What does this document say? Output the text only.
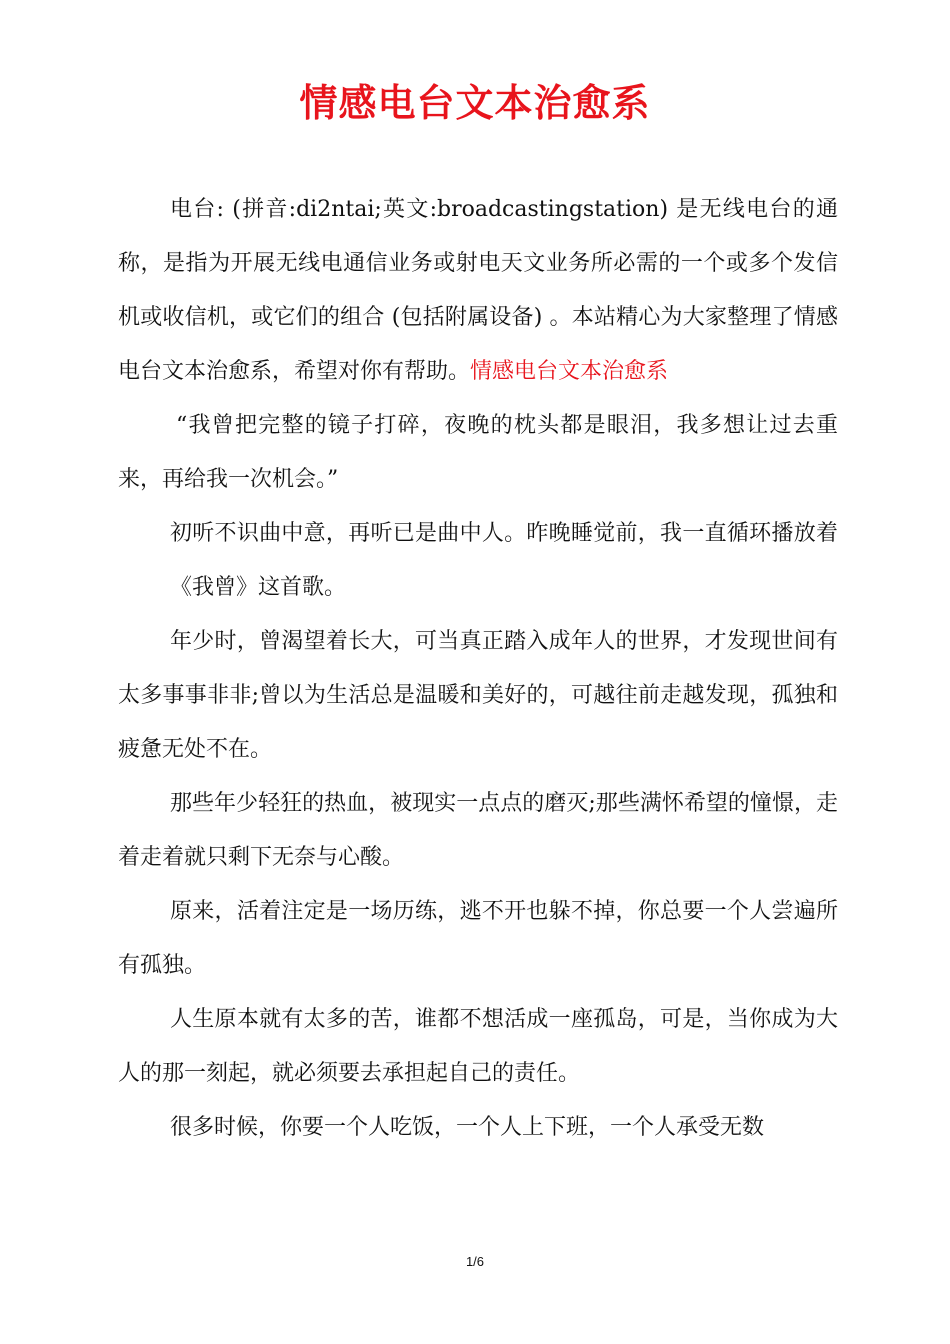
情感电台文本治愈系

电台: (拼音:di2ntai;英文:broadcastingstation) 是无线电台的通称，是指为开展无线电通信业务或射电天文业务所必需的一个或多个发信机或收信机，或它们的组合 (包括附属设备) 。本站精心为大家整理了情感电台文本治愈系，希望对你有帮助。情感电台文本治愈系

“我曾把完整的镜子打碎，夜晚的枕头都是眼泪，我多想让过去重来，再给我一次机会。”

初听不识曲中意，再听已是曲中人。昨晚睡觉前，我一直循环播放着《我曾》这首歌。

年少时，曾渴望着长大，可当真正踏入成年人的世界，才发现世间有太多事事非非;曾以为生活总是温暖和美好的，可越往前走越发现，孤独和疲惫无处不在。

那些年少轻狂的热血，被现实一点点的磨灭;那些满怀希望的憧憬，走着走着就只剩下无奈与心酸。

原来，活着注定是一场历练，逃不开也躲不掉，你总要一个人尝遍所有孤独。

人生原本就有太多的苦，谁都不想活成一座孤岛，可是，当你成为大人的那一刻起，就必须要去承担起自己的责任。

很多时候，你要一个人吃饭，一个人上下班，一个人承受无数

1/6
